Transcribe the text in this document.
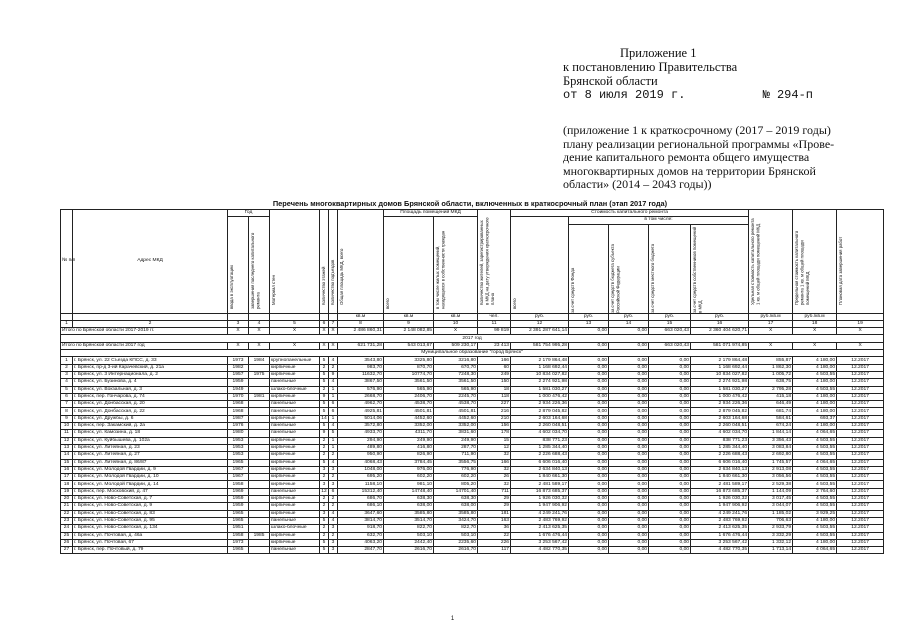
Приложение 1
к постановлению Правительства
Брянской области
от 8 июля 2019 г.	№ 294-п
(приложение 1 к краткосрочному (2017 – 2019 годы)
плану реализации региональной программы «Прове-
дение капитального ремонта общего имущества
многоквартирных домов на территории Брянской
области» (2014 – 2043 годы))
Перечень многоквартирных домов Брянской области, включенных в краткосрочный план (этап 2017 года)
№ п/п	Адрес МКД	Год		Материал стен	Количество этажей	Количество подъездов	Общая площадь МКД, всего	Площадь помещений МКД		Количество жителей, зарегистрированных в МКД на дату утверждения краткосрочного плана	Стоимость капитального ремонта					Удельная стоимость капитального ремонта 1 кв. м общей площади помещений МКД	Предельная стоимость капитального ремонта 1 кв. м общей площади помещений МКД	Плановая дата завершения работ

		ввода в эксплуатацию	завершения последнего капитального ремонта					всего	в том числе жилых помещений, находящихся в собственности граждан		всего	в том числе:						

												за счет средств Фонда	за счет средств бюджета субъекта Российской Федерации	за счет средств местного бюджета	за счет средств собственников помещений в МКД			

							кв.м	кв.м	кв.м	чел.	руб.	руб.	руб.	руб.	руб.	руб./кв.м	руб./кв.м	
1	2	3	4	5	6	7	8	9	10	11	12	13	14	15	16	17	18	19
Итого по Брянской области 2017-2019 гг.		X	X	X	X	X	2 486 860,31	2 148 082,85	X	99 819	2 391 287 641,14	0,00	0,00	663 020,43	2 360 404 620,71	X	X	X
2017 год																		
Итого по Брянской области 2017 год		X	X	X	X	X	621 731,28	543 013,67	509 230,17	23 413	581 754 995,28	0,00	0,00	663 020,43	581 071 974,85	X	X	X
Муниципальное образование "город Брянск"																		
1	г. Брянск, ул. 22 Съезда КПСС, д. 33	1973	1984	крупнопанельные	5	4	3543,80	3325,80	3216,80	166	2 179 864,48	0,00	0,00	0,00	2 179 864,48	855,87	4 180,00	12.2017
2	г. Брянск, пр-д 3-ий Карачевский, д. 21а	1982		кирпичные	2	2	983,70	870,70	670,70	60	1 168 692,44	0,00	0,00	0,00	1 168 692,44	1 862,30	4 180,00	12.2017
3	г. Брянск, ул. 3 Интернационала, д. 2	1957	1975	кирпичные	5	9	11632,70	10774,70	7248,30	249	10 834 027,82	0,00	0,00	0,00	10 834 027,82	1 005,72	4 503,55	12.2017
4	г. Брянск, ул. Бузинова, д. 4	1959		панельные	5	4	3867,50	3561,50	3561,50	150	2 274 921,98	0,00	0,00	0,00	2 274 921,98	638,75	4 180,00	12.2017
5	г. Брянск, ул. Вокзальная, д. 3	1949		шлако-блочные	2	1	576,90	565,90	565,90	18	1 581 030,27	0,00	0,00	0,00	1 581 030,27	2 795,28	4 503,55	12.2017
6	г. Брянск, пер. Гончарова, д. 74	1970	1981	кирпичные	9	1	2668,70	2406,70	2245,70	118	1 000 476,42	0,00	0,00	0,00	1 000 476,42	415,18	4 180,00	12.2017
7	г. Брянск, ул. Донбасская, д. 20	1968		панельные	5	6	4962,70	4538,70	4538,70	227	2 934 226,36	0,00	0,00	0,00	2 934 226,36	646,49	4 180,00	12.2017
8	г. Брянск, ул. Донбасская, д. 22	1968		панельные	5	6	4925,81	4501,81	4501,81	216	2 879 045,82	0,00	0,00	0,00	2 879 045,82	681,74	4 180,00	12.2017
9	г. Брянск, ул. Дружбы, д. 6	1987		кирпичные	14	1	5014,06	4452,60	4452,60	210	2 603 164,68	0,00	0,00	0,00	2 603 164,68	584,61	693,37	12.2017
10	г. Брянск, пер. Закамский, д. 2а	1976		панельные	5	4	3572,80	3352,00	3352,00	156	2 260 048,51	0,00	0,00	0,00	2 260 048,51	674,24	4 180,00	12.2017
11	г. Брянск, ул. Камозина, д. 18	1980		панельные	9	5	4933,70	4311,70	3831,60	178	4 602 034,70	0,00	0,00	0,00	4 602 034,70	1 844,14	4 064,65	12.2017
12	г. Брянск, ул. Куйбышева, д. 102а	1953		кирпичные	2	1	294,90	249,90	249,90	15	838 771,23	0,00	0,00	0,00	838 771,23	3 356,43	4 503,55	12.2017
13	г. Брянск, ул. Литейная, д. 23	1953		кирпичные	2	1	489,80	416,80	287,70	12	1 285 344,40	0,00	0,00	0,00	1 285 344,40	3 083,84	4 503,55	12.2017
14	г. Брянск, ул. Литейная, д. 27	1953		кирпичные	2	2	950,90	826,90	711,90	32	2 226 688,43	0,00	0,00	0,00	2 226 688,43	2 692,80	4 503,55	12.2017
15	г. Брянск, ул. Литейная, д. 86/87	1965		кирпичные	5	4	4068,43	3784,45	3556,75	166	6 606 016,40	0,00	0,00	0,00	6 606 016,40	1 745,57	4 064,65	12.2017
16	г. Брянск, ул. Молодой Гвардии, д. 9	1967		кирпичные	3	3	1048,00	976,00	776,90	32	2 634 840,13	0,00	0,00	0,00	2 634 840,13	2 913,08	4 503,55	12.2017
17	г. Брянск, ул. Молодой Гвардии, д. 10	1967		кирпичные	2	2	695,20	602,20	602,20	26	1 840 661,30	0,00	0,00	0,00	1 840 661,30	3 056,56	4 503,55	12.2017
18	г. Брянск, ул. Молодой Гвардии, д. 14	1958		кирпичные	3	3	1158,10	981,10	805,20	32	2 481 589,17	0,00	0,00	0,00	2 481 589,17	2 529,38	4 503,55	12.2017
19	г. Брянск, пер. Московский, д. 47	1969		панельные	12	6	15312,40	14748,40	14701,40	711	16 873 685,37	0,00	0,00	0,00	16 873 685,37	1 144,09	2 764,60	12.2017
20	г. Брянск, ул. Ново-Советская, д. 7	1959		кирпичные	2	2	686,70	638,30	638,30	29	1 926 030,32	0,00	0,00	0,00	1 926 030,32	3 017,45	4 503,55	12.2017
21	г. Брянск, ул. Ново-Советская, д. 9	1959		кирпичные	2	2	686,10	638,00	638,00	29	1 947 906,92	0,00	0,00	0,00	1 947 906,92	3 044,07	4 503,55	12.2017
22	г. Брянск, ул. Ново-Советская, д. 83	1965		кирпичные	3	4	3647,60	3585,80	3585,80	181	4 249 241,76	0,00	0,00	0,00	4 249 241,76	1 185,02	3 929,25	12.2017
23	г. Брянск, ул. Ново-Советская, д. 95	1965		панельные	5	4	3814,70	3514,70	3424,70	163	2 483 769,92	0,00	0,00	0,00	2 483 769,92	706,63	4 180,00	12.2017
24	г. Брянск, ул. Ново-Советская, д. 134	1951		шлако-блочные	2	3	918,70	822,70	822,70	36	2 413 625,35	0,00	0,00	0,00	2 413 625,35	2 933,79	4 503,55	12.2017
25	г. Брянск, ул. Почтовая, д. 46а	1958	1985	кирпичные	2	2	632,70	503,10	503,10	22	1 676 476,44	0,00	0,00	0,00	1 676 476,44	3 332,29	4 503,55	12.2017
26	г. Брянск, ул. Почтовая, 67	1973		кирпичные	5	3	4063,20	2442,40	2235,60	226	3 253 567,42	0,00	0,00	0,00	3 253 567,42	1 332,12	4 180,00	12.2017
27	г. Брянск, пер. Почтовый, д. 79	1965		панельные	5	3	2847,70	2616,70	2616,70	117	4 482 770,35	0,00	0,00	0,00	4 482 770,35	1 713,14	4 064,65	12.2017
1
